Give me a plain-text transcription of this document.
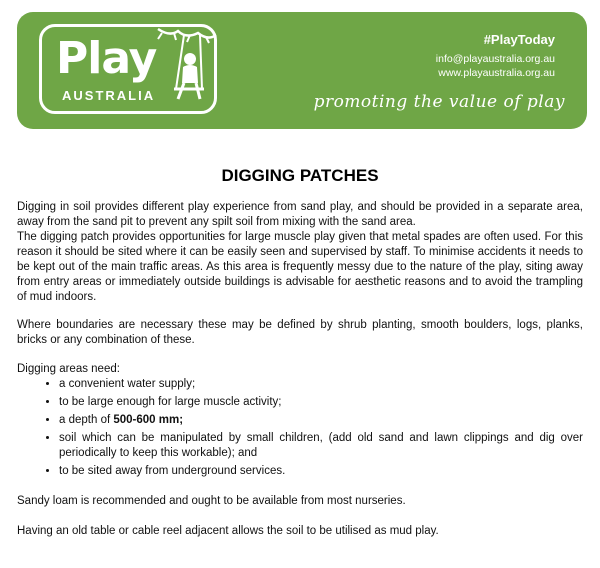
Play
AUSTRALIA
#PlayToday
info@playaustralia.org.au
www.playaustralia.org.au
promoting the value of play
DIGGING PATCHES
Digging in soil provides different play experience from sand play, and should be provided in a separate area, away from the sand pit to prevent any spilt soil from mixing with the sand area.
The digging patch provides opportunities for large muscle play given that metal spades are often used. For this reason it should be sited where it can be easily seen and supervised by staff. To minimise accidents it needs to be kept out of the main traffic areas. As this area is frequently messy due to the nature of the play, siting away from entry areas or immediately outside buildings is advisable for aesthetic reasons and to avoid the trampling of mud indoors.

Where boundaries are necessary these may be defined by shrub planting, smooth boulders, logs, planks, bricks or any combination of these.

Digging areas need:

• a convenient water supply;
• to be large enough for large muscle activity;
• a depth of 500-600 mm;
• soil which can be manipulated by small children, (add old sand and lawn clippings and dig over periodically to keep this workable); and
• to be sited away from underground services.

Sandy loam is recommended and ought to be available from most nurseries.

Having an old table or cable reel adjacent allows the soil to be utilised as mud play.
